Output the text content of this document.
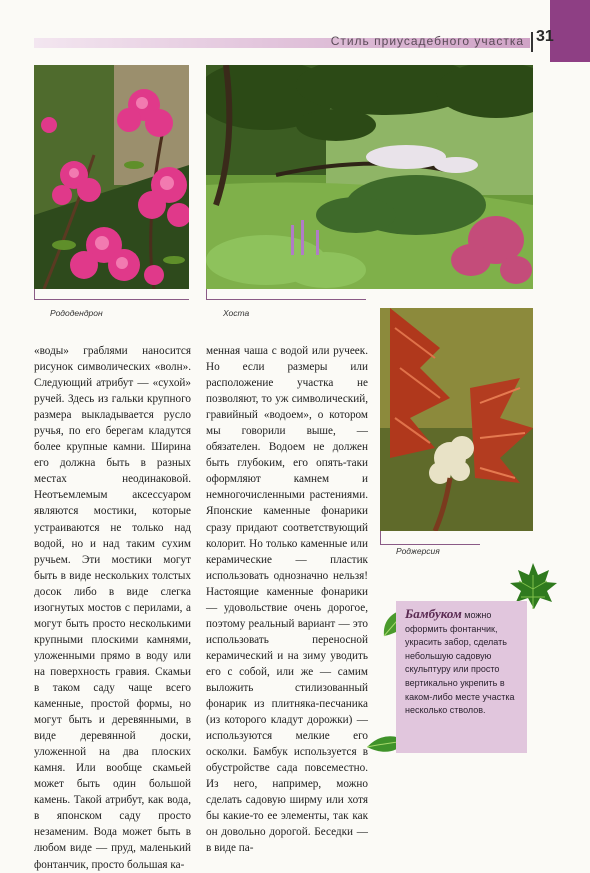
Стиль приусадебного участка 31
Рододендрон	Хоста
Роджерсия

«воды» граблями наносится рисунок символических «волн». Следующий атрибут — «сухой» ручей. Здесь из гальки крупного размера выкладывается русло ручья, по его берегам кладутся более крупные камни. Ширина его должна быть в разных местах неодинаковой. Неотъемлемым аксессуаром являются мостики, которые устраиваются не только над водой, но и над таким сухим ручьем. Эти мостики могут быть в виде нескольких толстых досок либо в виде слегка изогнутых мостов с перилами, а могут быть просто несколькими крупными плоскими камнями, уложенными прямо в воду или на поверхность гравия. Скамьи в таком саду чаще всего каменные, простой формы, но могут быть и деревянными, в виде деревянной доски, уложенной на два плоских камня. Или вообще скамьей может быть один большой камень. Такой атрибут, как вода, в японском саду просто незаменим. Вода может быть в любом виде — пруд, маленький фонтанчик, просто большая ка-

менная чаша с водой или ручеек. Но если размеры или расположение участка не позволяют, то уж символический, гравийный «водоем», о котором мы говорили выше, — обязателен. Водоем не должен быть глубоким, его опять-таки оформляют камнем и немногочисленными растениями. Японские каменные фонарики сразу придают соответствующий колорит. Но только каменные или керамические — пластик использовать однозначно нельзя! Настоящие каменные фонарики — удовольствие очень дорогое, поэтому реальный вариант — это использовать переносной керамический и на зиму уводить его с собой, или же — самим выложить стилизованный фонарик из плитняка-песчаника (из которого кладут дорожки) — используются мелкие его осколки. Бамбук используется в обустройстве сада повсеместно. Из него, например, можно сделать садовую ширму или хотя бы какие-то ее элементы, так как он довольно дорогой. Беседки — в виде па-

Бамбуком можно оформить фонтанчик, украсить забор, сделать небольшую садовую скульптуру или просто вертикально укрепить в каком-либо месте участка несколько стволов.
